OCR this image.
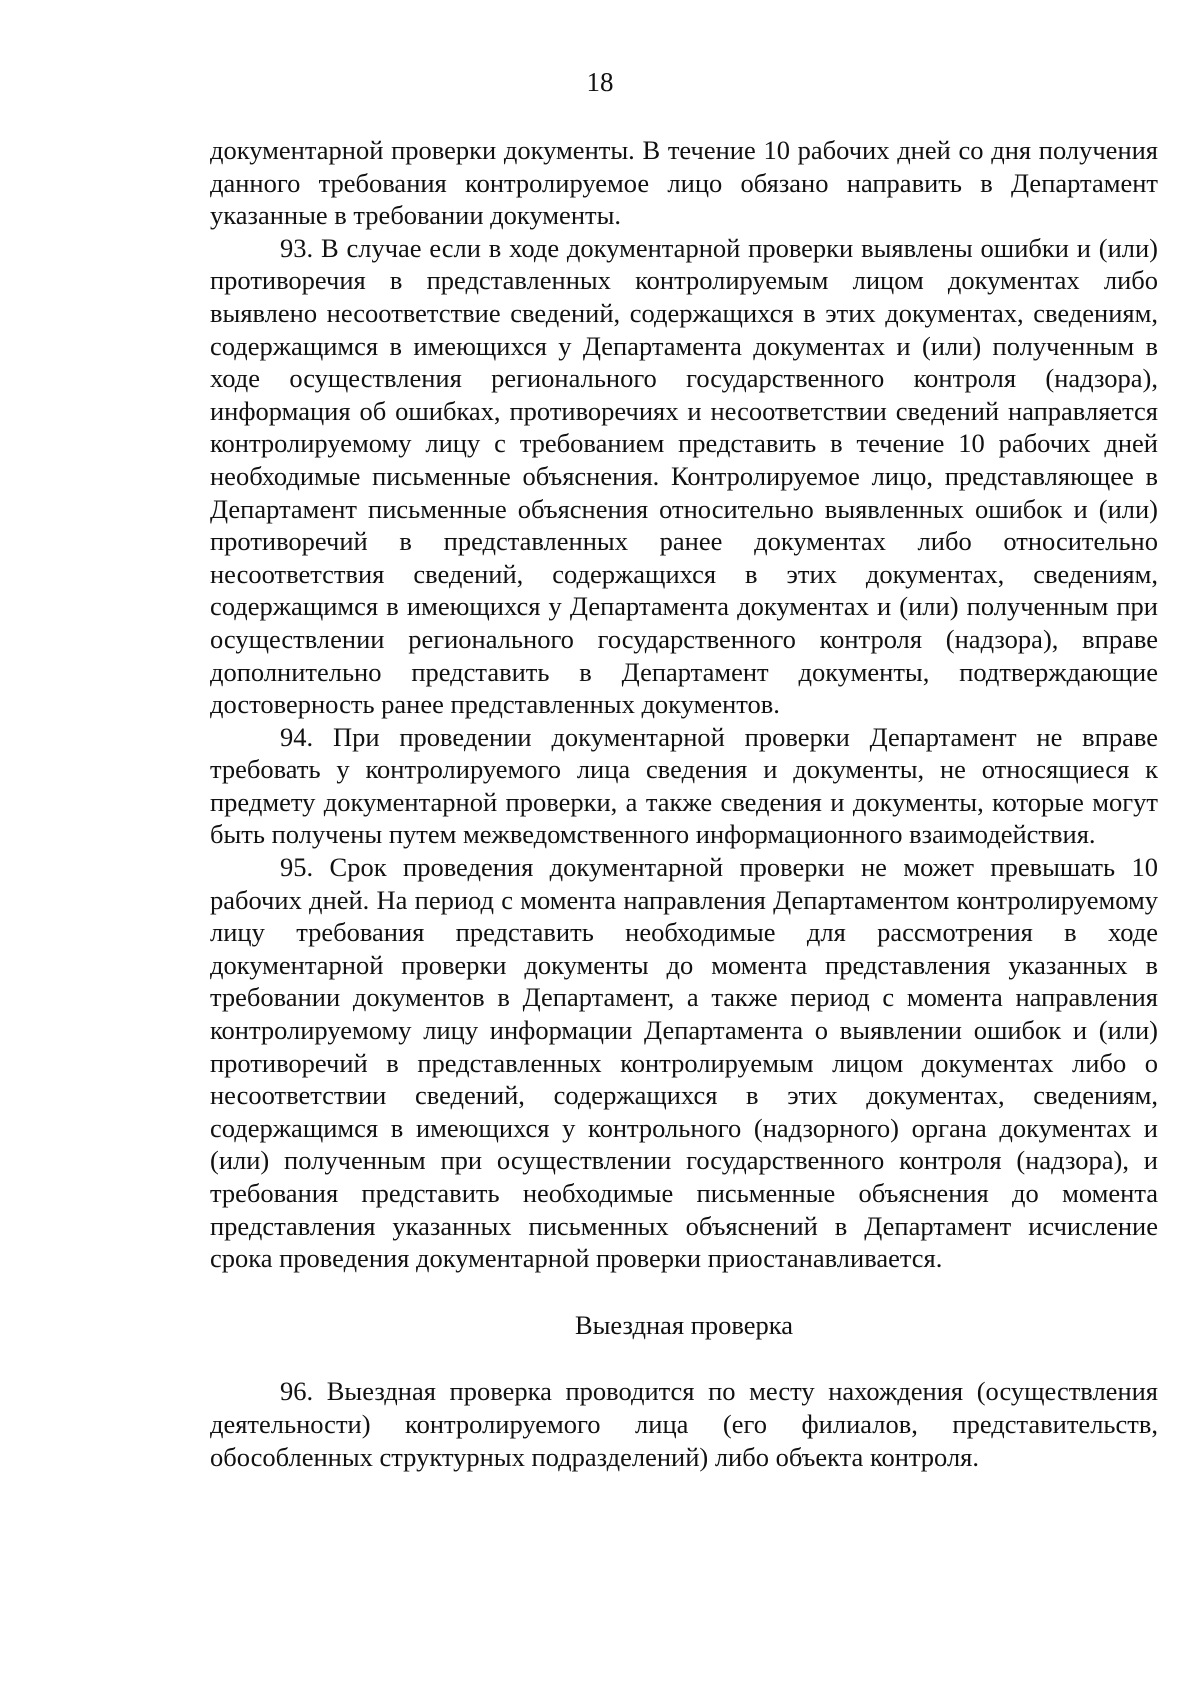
18

документарной проверки документы. В течение 10 рабочих дней со дня получения данного требования контролируемое лицо обязано направить в Департамент указанные в требовании документы.

93. В случае если в ходе документарной проверки выявлены ошибки и (или) противоречия в представленных контролируемым лицом документах либо выявлено несоответствие сведений, содержащихся в этих документах, сведениям, содержащимся в имеющихся у Департамента документах и (или) полученным в ходе осуществления регионального государственного контроля (надзора), информация об ошибках, противоречиях и несоответствии сведений направляется контролируемому лицу с требованием представить в течение 10 рабочих дней необходимые письменные объяснения. Контролируемое лицо, представляющее в Департамент письменные объяснения относительно выявленных ошибок и (или) противоречий в представленных ранее документах либо относительно несоответствия сведений, содержащихся в этих документах, сведениям, содержащимся в имеющихся у Департамента документах и (или) полученным при осуществлении регионального государственного контроля (надзора), вправе дополнительно представить в Департамент документы, подтверждающие достоверность ранее представленных документов.

94. При проведении документарной проверки Департамент не вправе требовать у контролируемого лица сведения и документы, не относящиеся к предмету документарной проверки, а также сведения и документы, которые могут быть получены путем межведомственного информационного взаимодействия.

95. Срок проведения документарной проверки не может превышать 10 рабочих дней. На период с момента направления Департаментом контролируемому лицу требования представить необходимые для рассмотрения в ходе документарной проверки документы до момента представления указанных в требовании документов в Департамент, а также период с момента направления контролируемому лицу информации Департамента о выявлении ошибок и (или) противоречий в представленных контролируемым лицом документах либо о несоответствии сведений, содержащихся в этих документах, сведениям, содержащимся в имеющихся у контрольного (надзорного) органа документах и (или) полученным при осуществлении государственного контроля (надзора), и требования представить необходимые письменные объяснения до момента представления указанных письменных объяснений в Департамент исчисление срока проведения документарной проверки приостанавливается.

Выездная проверка

96. Выездная проверка проводится по месту нахождения (осуществления деятельности) контролируемого лица (его филиалов, представительств, обособленных структурных подразделений) либо объекта контроля.
